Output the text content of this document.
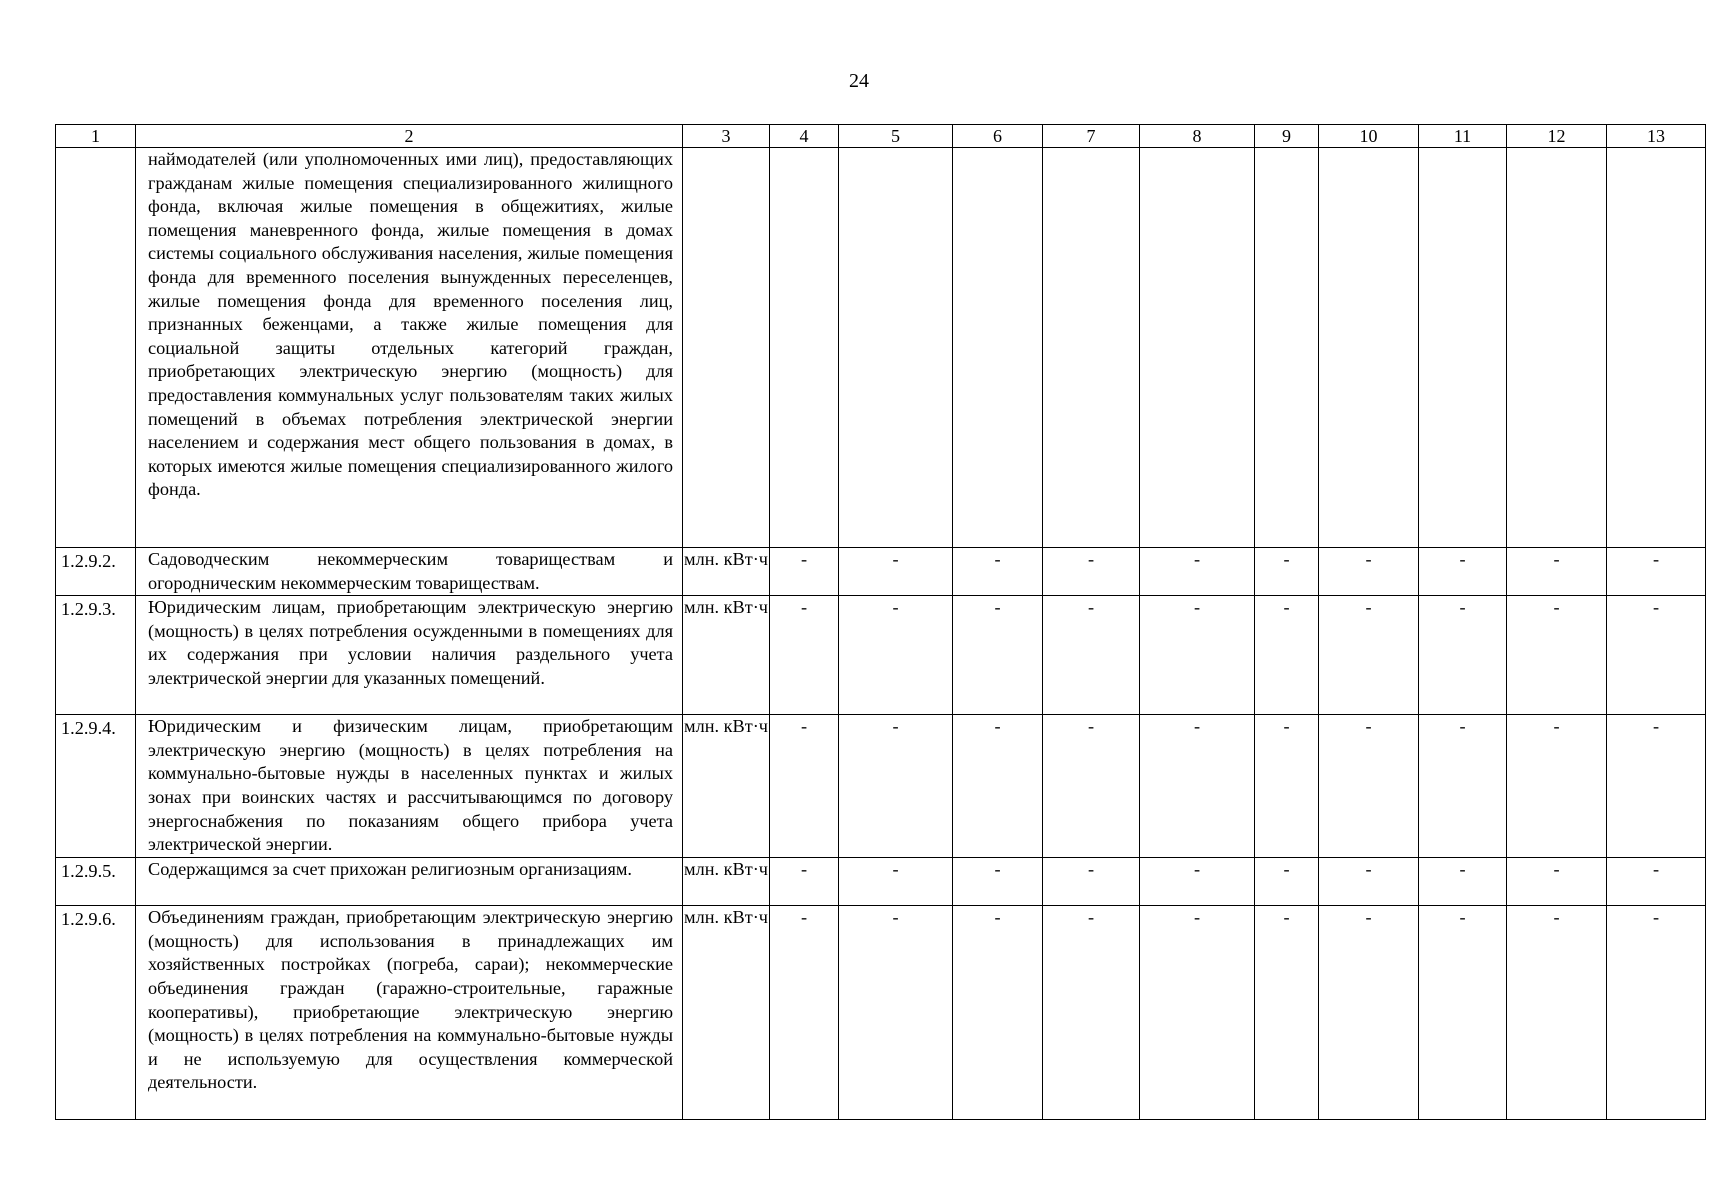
24
1	2	3	4	5	6	7	8	9	10	11	12	13

	наймодателей (или уполномоченных ими лиц), предоставляющих гражданам жилые помещения специализированного жилищного фонда, включая жилые помещения в общежитиях, жилые помещения маневренного фонда, жилые помещения в домах системы социального обслуживания населения, жилые помещения фонда для временного поселения вынужденных переселенцев, жилые помещения фонда для временного поселения лиц, признанных беженцами, а также жилые помещения для социальной защиты отдельных категорий граждан, приобретающих электрическую энергию (мощность) для предоставления коммунальных услуг пользователям таких жилых помещений в объемах потребления электрической энергии населением и содержания мест общего пользования в домах, в которых имеются жилые помещения специализированного жилого фонда.											

1.2.9.2.	Садоводческим некоммерческим товариществам и огородническим некоммерческим товариществам.	млн. кВт·ч	-	-	-	-	-	-	-	-	-	-
1.2.9.3.	Юридическим лицам, приобретающим электрическую энергию (мощность) в целях потребления осужденными в помещениях для их содержания при условии наличия раздельного учета электрической энергии для указанных помещений.	млн. кВт·ч	-	-	-	-	-	-	-	-	-	-
1.2.9.4.	Юридическим и физическим лицам, приобретающим электрическую энергию (мощность) в целях потребления на коммунально-бытовые нужды в населенных пунктах и жилых зонах при воинских частях и рассчитывающимся по договору энергоснабжения по показаниям общего прибора учета электрической энергии.	млн. кВт·ч	-	-	-	-	-	-	-	-	-	-
1.2.9.5.	Содержащимся за счет прихожан религиозным организациям.	млн. кВт·ч	-	-	-	-	-	-	-	-	-	-
1.2.9.6.	Объединениям граждан, приобретающим электрическую энергию (мощность) для использования в принадлежащих им хозяйственных постройках (погреба, сараи); некоммерческие объединения граждан (гаражно-строительные, гаражные кооперативы), приобретающие электрическую энергию (мощность) в целях потребления на коммунально-бытовые нужды и не используемую для осуществления коммерческой деятельности.	млн. кВт·ч	-	-	-	-	-	-	-	-	-	-
